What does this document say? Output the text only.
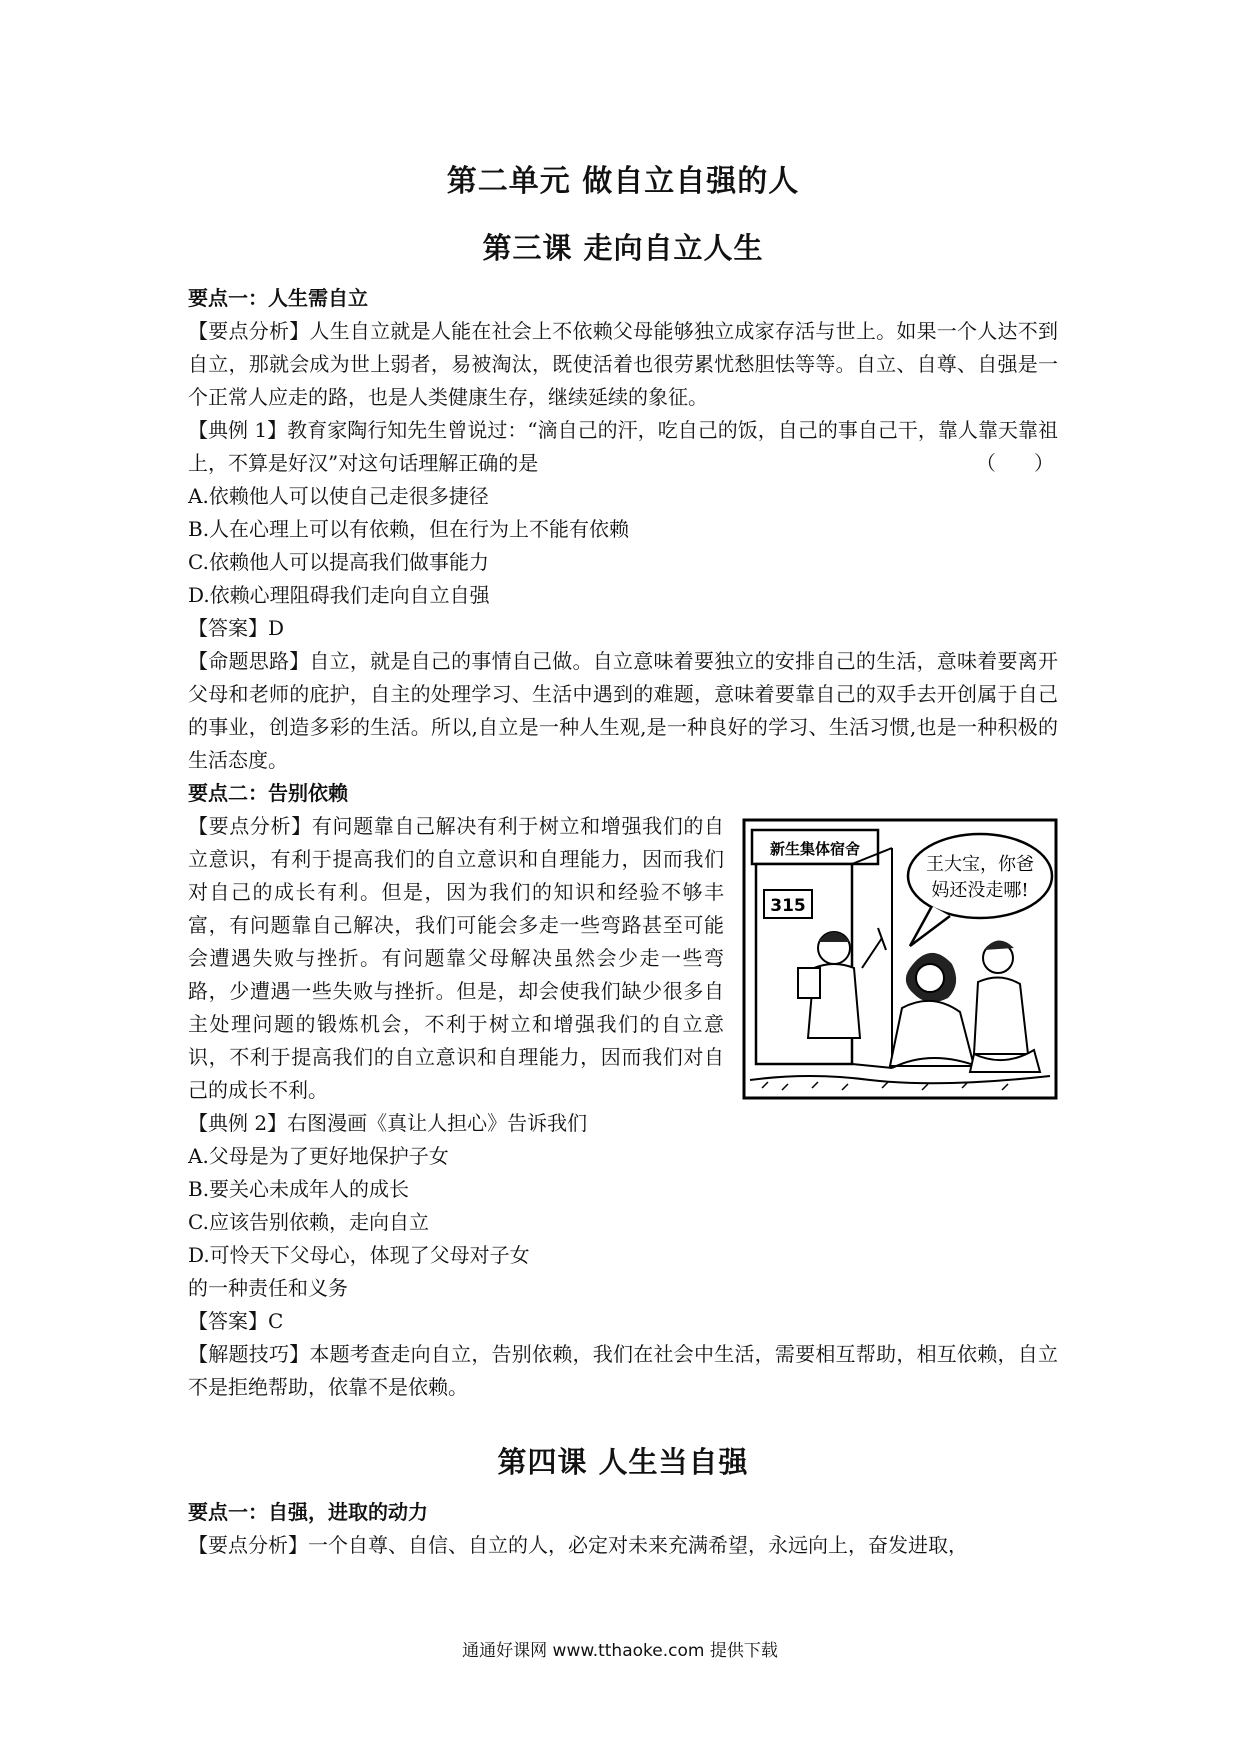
第二单元 做自立自强的人
第三课 走向自立人生
要点一：人生需自立

【要点分析】人生自立就是人能在社会上不依赖父母能够独立成家存活与世上。如果一个人达不到自立，那就会成为世上弱者，易被淘汰，既使活着也很劳累忧愁胆怯等等。自立、自尊、自强是一个正常人应走的路，也是人类健康生存，继续延续的象征。

【典例 1】教育家陶行知先生曾说过：“滴自己的汗，吃自己的饭，自己的事自己干，靠人靠天靠祖上，不算是好汉”对这句话理解正确的是	（      ）

A.依赖他人可以使自己走很多捷径

B.人在心理上可以有依赖，但在行为上不能有依赖

C.依赖他人可以提高我们做事能力

D.依赖心理阻碍我们走向自立自强

【答案】D

【命题思路】自立，就是自己的事情自己做。自立意味着要独立的安排自己的生活，意味着要离开父母和老师的庇护，自主的处理学习、生活中遇到的难题，意味着要靠自己的双手去开创属于自己的事业，创造多彩的生活。所以,自立是一种人生观,是一种良好的学习、生活习惯,也是一种积极的生活态度。

要点二：告别依赖
新生集体宿舍
315
王大宝，你爸
妈还没走哪!

【要点分析】有问题靠自己解决有利于树立和增强我们的自立意识，有利于提高我们的自立意识和自理能力，因而我们对自己的成长有利。但是，因为我们的知识和经验不够丰富，有问题靠自己解决，我们可能会多走一些弯路甚至可能会遭遇失败与挫折。有问题靠父母解决虽然会少走一些弯路，少遭遇一些失败与挫折。但是，却会使我们缺少很多自主处理问题的锻炼机会，不利于树立和增强我们的自立意识，不利于提高我们的自立意识和自理能力，因而我们对自己的成长不利。

【典例 2】右图漫画《真让人担心》告诉我们

A.父母是为了更好地保护子女

B.要关心未成年人的成长

C.应该告别依赖，走向自立

D.可怜天下父母心，体现了父母对子女

的一种责任和义务

【答案】C

【解题技巧】本题考查走向自立，告别依赖，我们在社会中生活，需要相互帮助，相互依赖，自立不是拒绝帮助，依靠不是依赖。

第四课 人生当自强
要点一：自强，进取的动力

【要点分析】一个自尊、自信、自立的人，必定对未来充满希望，永远向上，奋发进取，

通通好课网 www.tthaoke.com 提供下载
